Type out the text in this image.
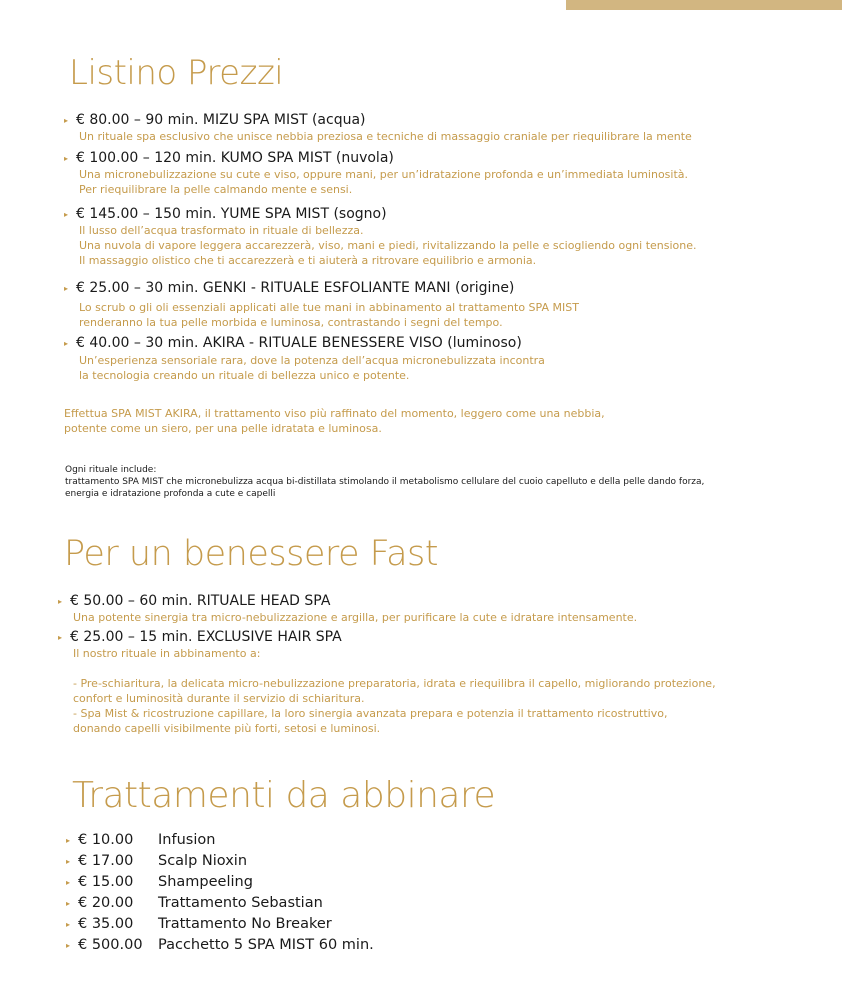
Listino Prezzi
▸ € 80.00 – 90 min. MIZU SPA MIST (acqua)

Un rituale spa esclusivo che unisce nebbia preziosa e tecniche di massaggio craniale per riequilibrare la mente

▸ € 100.00 – 120 min. KUMO SPA MIST (nuvola)

Una micronebulizzazione su cute e viso, oppure mani, per un’idratazione profonda e un’immediata luminosità.

Per riequilibrare la pelle calmando mente e sensi.

▸ € 145.00 – 150 min. YUME SPA MIST (sogno)

Il lusso dell’acqua trasformato in rituale di bellezza.

Una nuvola di vapore leggera accarezzerà, viso, mani e piedi, rivitalizzando la pelle e sciogliendo ogni tensione.

Il massaggio olistico che ti accarezzerà e ti aiuterà a ritrovare equilibrio e armonia.

▸ € 25.00 – 30 min. GENKI - RITUALE ESFOLIANTE MANI (origine)

Lo scrub o gli oli essenziali applicati alle tue mani in abbinamento al trattamento SPA MIST

renderanno la tua pelle morbida e luminosa, contrastando i segni del tempo.

▸ € 40.00 – 30 min. AKIRA - RITUALE BENESSERE VISO (luminoso)

Un’esperienza sensoriale rara, dove la potenza dell’acqua micronebulizzata incontra

la tecnologia creando un rituale di bellezza unico e potente.

Effettua SPA MIST AKIRA, il trattamento viso più raffinato del momento, leggero come una nebbia,
potente come un siero, per una pelle idratata e luminosa.
Ogni rituale include:
trattamento SPA MIST che micronebulizza acqua bi-distillata stimolando il metabolismo cellulare del cuoio capelluto e della pelle dando forza,
energia e idratazione profonda a cute e capelli
Per un benessere Fast
▸ € 50.00 – 60 min. RITUALE HEAD SPA

Una potente sinergia tra micro-nebulizzazione e argilla, per purificare la cute e idratare intensamente.

▸ € 25.00 – 15 min. EXCLUSIVE HAIR SPA

Il nostro rituale in abbinamento a:

- Pre-schiaritura, la delicata micro-nebulizzazione preparatoria, idrata e riequilibra il capello, migliorando protezione,

confort e luminosità durante il servizio di schiaritura.

- Spa Mist & ricostruzione capillare, la loro sinergia avanzata prepara e potenzia il trattamento ricostruttivo,

donando capelli visibilmente più forti, setosi e luminosi.

Trattamenti da abbinare
▸ € 10.00 Infusion
▸ € 17.00 Scalp Nioxin
▸ € 15.00 Shampeeling
▸ € 20.00 Trattamento Sebastian
▸ € 35.00 Trattamento No Breaker
▸ € 500.00 Pacchetto 5 SPA MIST 60 min.
